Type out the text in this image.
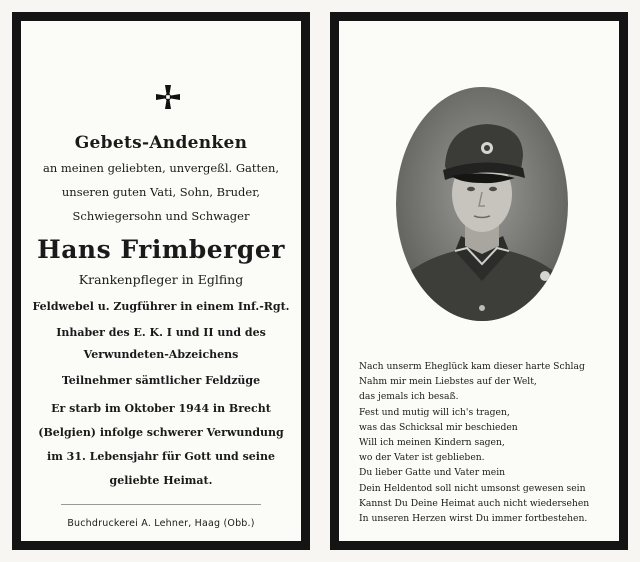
Gebets-Andenken
an meinen geliebten, unvergeßl. Gatten,
unseren guten Vati, Sohn, Bruder,
Schwiegersohn und Schwager
Hans Frimberger
Krankenpfleger in Eglfing
Feldwebel u. Zugführer in einem Inf.-Rgt.
Inhaber des E. K. I und II und des
Verwundeten-Abzeichens
Teilnehmer sämtlicher Feldzüge
Er starb im Oktober 1944 in Brecht
(Belgien) infolge schwerer Verwundung
im 31. Lebensjahr für Gott und seine
geliebte Heimat.
Buchdruckerei A. Lehner, Haag (Obb.)
Nach unserm Eheglück kam dieser harte Schlag
Nahm mir mein Liebstes auf der Welt,
das jemals ich besaß.
Fest und mutig will ich's tragen,
was das Schicksal mir beschieden
Will ich meinen Kindern sagen,
wo der Vater ist geblieben.
Du lieber Gatte und Vater mein
Dein Heldentod soll nicht umsonst gewesen sein
Kannst Du Deine Heimat auch nicht wiedersehen
In unseren Herzen wirst Du immer fortbestehen.
